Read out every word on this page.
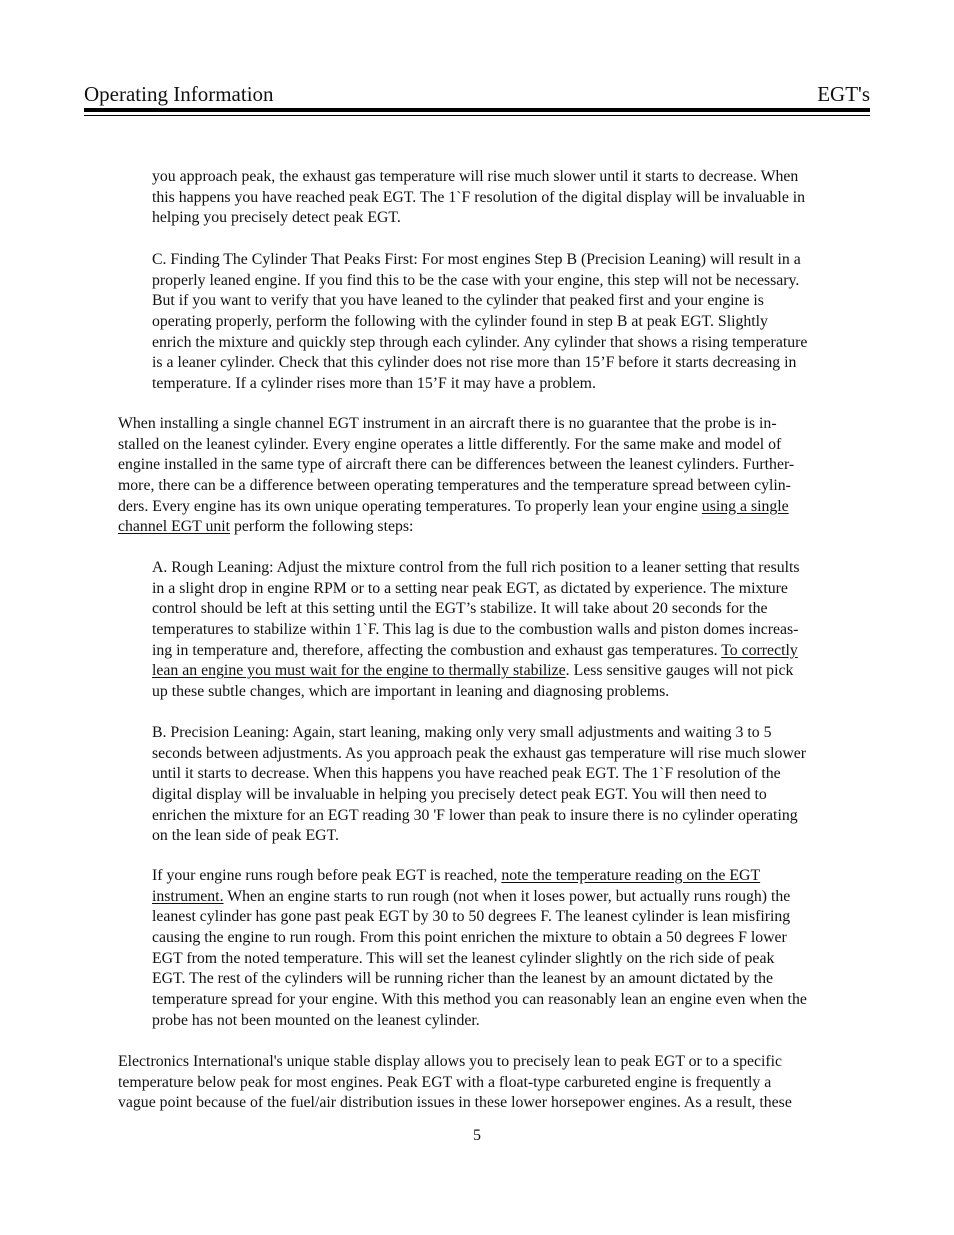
Operating Information	EGT's
you approach peak, the exhaust gas temperature will rise much slower until it starts to decrease. When
this happens you have reached peak EGT. The 1`F resolution of the digital display will be invaluable in
helping you precisely detect peak EGT.
C. Finding The Cylinder That Peaks First: For most engines Step B (Precision Leaning) will result in a
properly leaned engine. If you find this to be the case with your engine, this step will not be necessary.
But if you want to verify that you have leaned to the cylinder that peaked first and your engine is
operating properly, perform the following with the cylinder found in step B at peak EGT. Slightly
enrich the mixture and quickly step through each cylinder. Any cylinder that shows a rising temperature
is a leaner cylinder. Check that this cylinder does not rise more than 15’F before it starts decreasing in
temperature. If a cylinder rises more than 15’F it may have a problem.
When installing a single channel EGT instrument in an aircraft there is no guarantee that the probe is in-
stalled on the leanest cylinder. Every engine operates a little differently. For the same make and model of
engine installed in the same type of aircraft there can be differences between the leanest cylinders. Further-
more, there can be a difference between operating temperatures and the temperature spread between cylin-
ders. Every engine has its own unique operating temperatures. To properly lean your engine using a single
channel EGT unit perform the following steps:
A. Rough Leaning: Adjust the mixture control from the full rich position to a leaner setting that results
in a slight drop in engine RPM or to a setting near peak EGT, as dictated by experience. The mixture
control should be left at this setting until the EGT’s stabilize. It will take about 20 seconds for the
temperatures to stabilize within 1`F. This lag is due to the combustion walls and piston domes increas-
ing in temperature and, therefore, affecting the combustion and exhaust gas temperatures. To correctly
lean an engine you must wait for the engine to thermally stabilize. Less sensitive gauges will not pick
up these subtle changes, which are important in leaning and diagnosing problems.
B. Precision Leaning: Again, start leaning, making only very small adjustments and waiting 3 to 5
seconds between adjustments. As you approach peak the exhaust gas temperature will rise much slower
until it starts to decrease. When this happens you have reached peak EGT. The 1`F resolution of the
digital display will be invaluable in helping you precisely detect peak EGT. You will then need to
enrichen the mixture for an EGT reading 30 'F lower than peak to insure there is no cylinder operating
on the lean side of peak EGT.
If your engine runs rough before peak EGT is reached, note the temperature reading on the EGT
instrument. When an engine starts to run rough (not when it loses power, but actually runs rough) the
leanest cylinder has gone past peak EGT by 30 to 50 degrees F. The leanest cylinder is lean misfiring
causing the engine to run rough. From this point enrichen the mixture to obtain a 50 degrees F lower
EGT from the noted temperature. This will set the leanest cylinder slightly on the rich side of peak
EGT. The rest of the cylinders will be running richer than the leanest by an amount dictated by the
temperature spread for your engine. With this method you can reasonably lean an engine even when the
probe has not been mounted on the leanest cylinder.
Electronics International's unique stable display allows you to precisely lean to peak EGT or to a specific
temperature below peak for most engines. Peak EGT with a float-type carbureted engine is frequently a
vague point because of the fuel/air distribution issues in these lower horsepower engines. As a result, these
5
